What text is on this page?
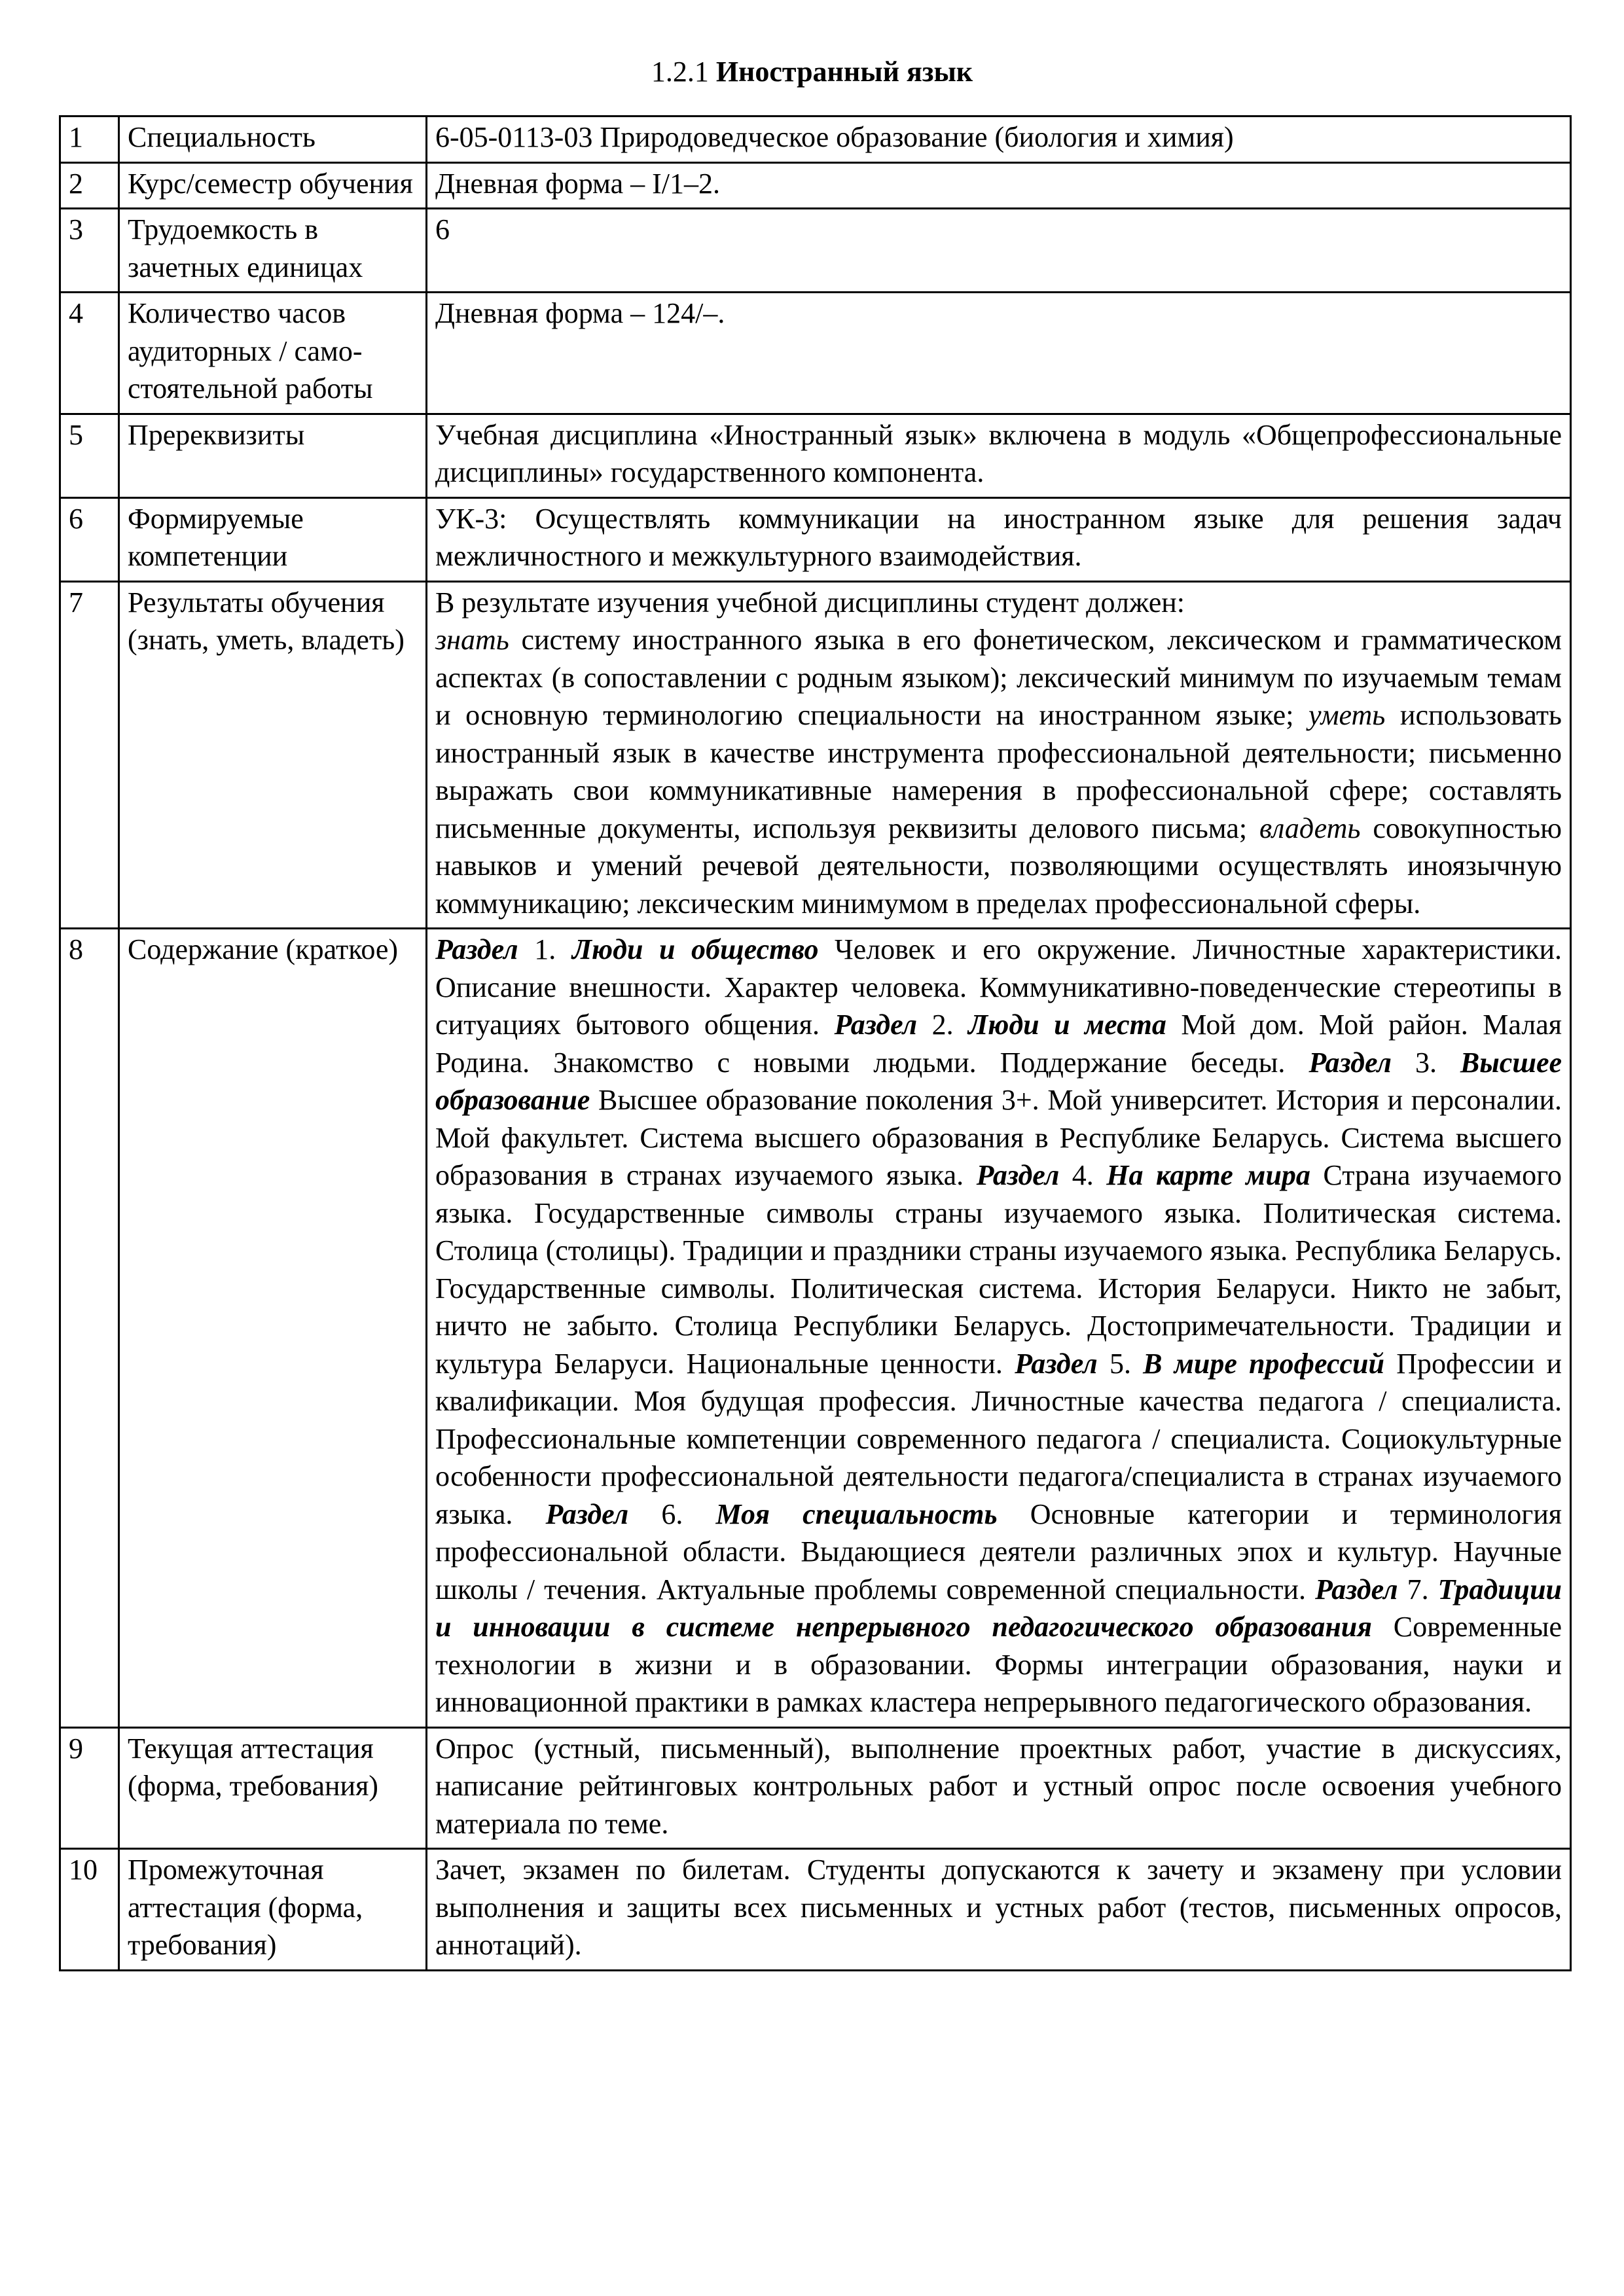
1.2.1 Иностранный язык
1	Специальность	6-05-0113-03 Природоведческое образование (биология и химия)
2	Курс/семестр обучения	Дневная форма – I/1–2.
3	Трудоемкость в зачетных единицах	6
4	Количество часов аудиторных / само-стоятельной работы	Дневная форма – 124/–.
5	Пререквизиты	Учебная дисциплина «Иностранный язык» включена в модуль «Общепрофессиональные дисциплины» государственного компонента.
6	Формируемые компетенции	УК-3: Осуществлять коммуникации на иностранном языке для решения задач межличностного и межкультурного взаимодействия.
7	Результаты обучения (знать, уметь, владеть)	В результате изучения учебной дисциплины студент должен:
знать систему иностранного языка в его фонетическом, лексическом и грамматическом аспектах (в сопоставлении с родным языком); лексический минимум по изучаемым темам и основную терминологию специальности на иностранном языке; уметь использовать иностранный язык в качестве инструмента профессиональной деятельности; письменно выражать свои коммуникативные намерения в профессиональной сфере; составлять письменные документы, используя реквизиты делового письма; владеть совокупностью навыков и умений речевой деятельности, позволяющими осуществлять иноязычную коммуникацию; лексическим минимумом в пределах профессиональной сферы.
8	Содержание (краткое)	Раздел 1. Люди и общество Человек и его окружение. Личностные характеристики. Описание внешности. Характер человека. Коммуникативно-поведенческие стереотипы в ситуациях бытового общения. Раздел 2. Люди и места Мой дом. Мой район. Малая Родина. Знакомство с новыми людьми. Поддержание беседы. Раздел 3. Высшее образование Высшее образование поколения 3+. Мой университет. История и персоналии. Мой факультет. Система высшего образования в Республике Беларусь. Система высшего образования в странах изучаемого языка. Раздел 4. На карте мира Страна изучаемого языка. Государственные символы страны изучаемого языка. Политическая система. Столица (столицы). Традиции и праздники страны изучаемого языка. Республика Беларусь. Государственные символы. Политическая система. История Беларуси. Никто не забыт, ничто не забыто. Столица Республики Беларусь. Достопримечательности. Традиции и культура Беларуси. Национальные ценности. Раздел 5. В мире профессий Профессии и квалификации. Моя будущая профессия. Личностные качества педагога / специалиста. Профессиональные компетенции современного педагога / специалиста. Социокультурные особенности профессиональной деятельности педагога/специалиста в странах изучаемого языка. Раздел 6. Моя специальность Основные категории и терминология профессиональной области. Выдающиеся деятели различных эпох и культур. Научные школы / течения. Актуальные проблемы современной специальности. Раздел 7. Традиции и инновации в системе непрерывного педагогического образования Современные технологии в жизни и в образовании. Формы интеграции образования, науки и инновационной практики в рамках кластера непрерывного педагогического образования.
9	Текущая аттестация (форма, требования)	Опрос (устный, письменный), выполнение проектных работ, участие в дискуссиях, написание рейтинговых контрольных работ и устный опрос после освоения учебного материала по теме.
10	Промежуточная аттестация (форма, требования)	Зачет, экзамен по билетам. Студенты допускаются к зачету и экзамену при условии выполнения и защиты всех письменных и устных работ (тестов, письменных опросов, аннотаций).
